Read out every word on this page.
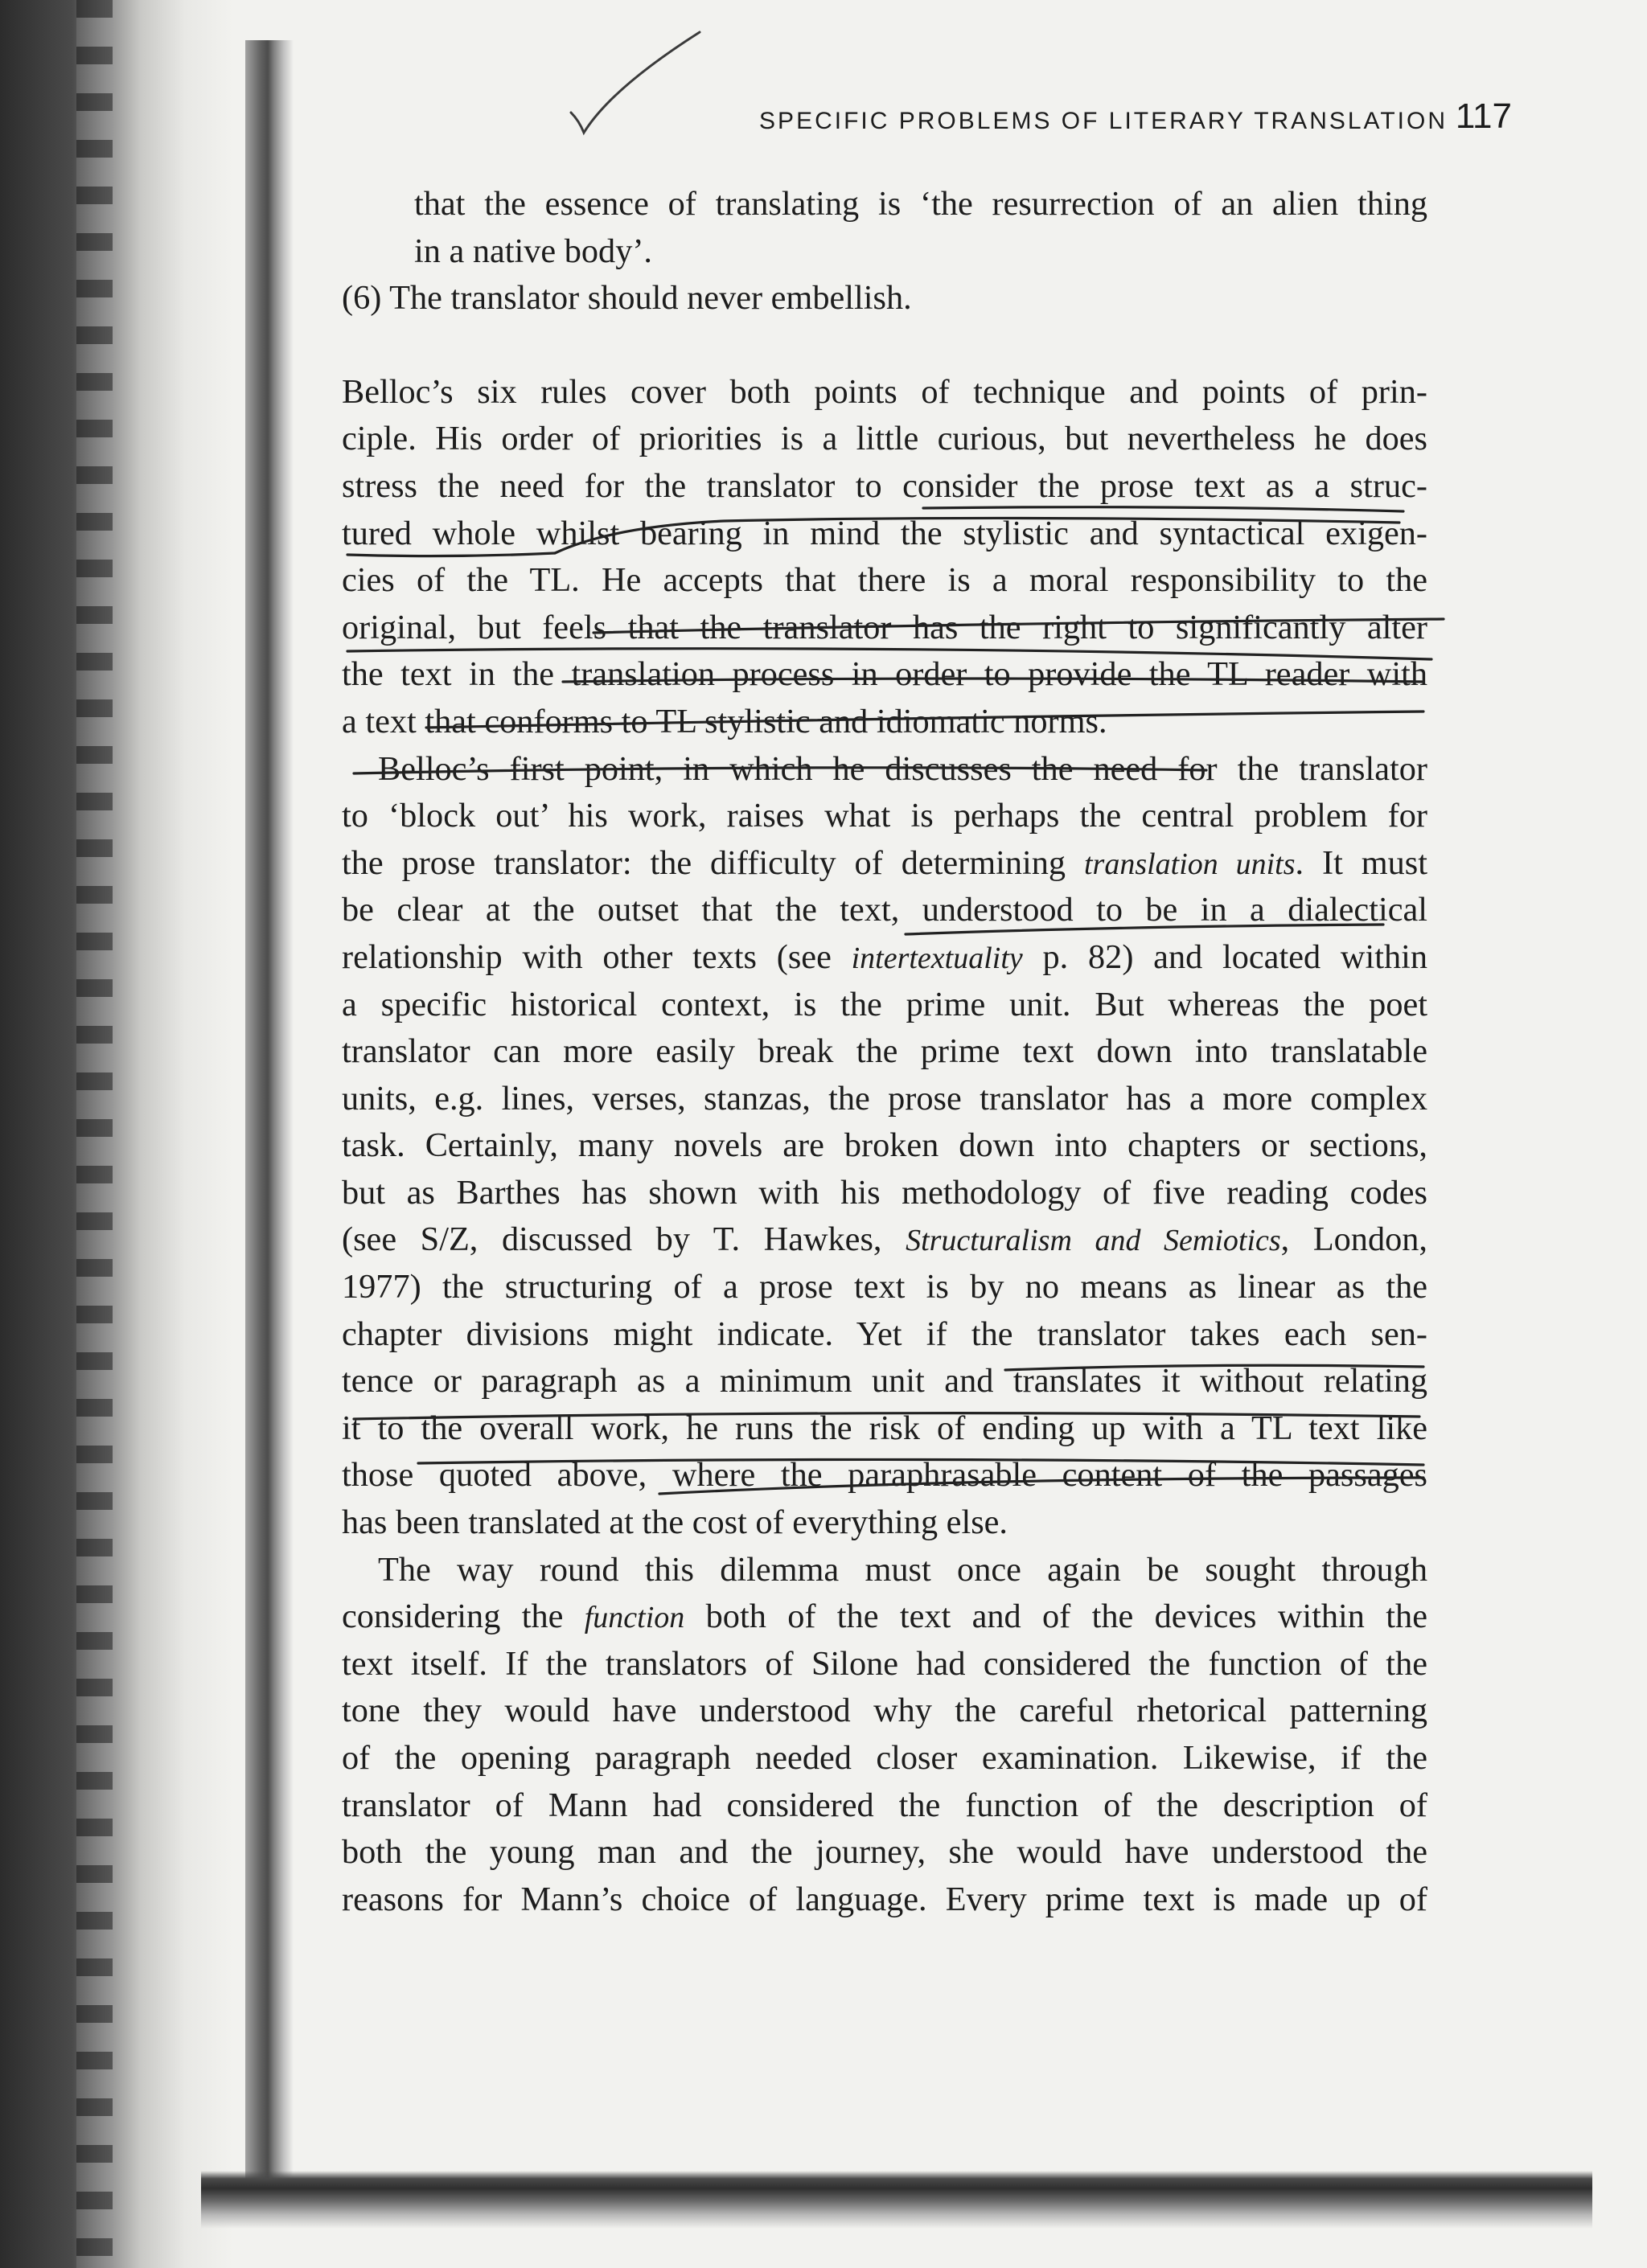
SPECIFIC PROBLEMS OF LITERARY TRANSLATION 117
that the essence of translating is ‘the resurrection of an alien thing
in a native body’.
(6) The translator should never embellish.
Belloc’s six rules cover both points of technique and points of prin-
ciple. His order of priorities is a little curious, but nevertheless he does
stress the need for the translator to consider the prose text as a struc-
tured whole whilst bearing in mind the stylistic and syntactical exigen-
cies of the TL. He accepts that there is a moral responsibility to the
original, but feels that the translator has the right to significantly alter
the text in the translation process in order to provide the TL reader with
a text that conforms to TL stylistic and idiomatic norms.
Belloc’s first point, in which he discusses the need for the translator
to ‘block out’ his work, raises what is perhaps the central problem for
the prose translator: the difficulty of determining translation units. It must
be clear at the outset that the text, understood to be in a dialectical
relationship with other texts (see intertextuality p. 82) and located within
a specific historical context, is the prime unit. But whereas the poet
translator can more easily break the prime text down into translatable
units, e.g. lines, verses, stanzas, the prose translator has a more complex
task. Certainly, many novels are broken down into chapters or sections,
but as Barthes has shown with his methodology of five reading codes
(see S/Z, discussed by T. Hawkes, Structuralism and Semiotics, London,
1977) the structuring of a prose text is by no means as linear as the
chapter divisions might indicate. Yet if the translator takes each sen-
tence or paragraph as a minimum unit and translates it without relating
it to the overall work, he runs the risk of ending up with a TL text like
those quoted above, where the paraphrasable content of the passages
has been translated at the cost of everything else.
The way round this dilemma must once again be sought through
considering the function both of the text and of the devices within the
text itself. If the translators of Silone had considered the function of the
tone they would have understood why the careful rhetorical patterning
of the opening paragraph needed closer examination. Likewise, if the
translator of Mann had considered the function of the description of
both the young man and the journey, she would have understood the
reasons for Mann’s choice of language. Every prime text is made up of
